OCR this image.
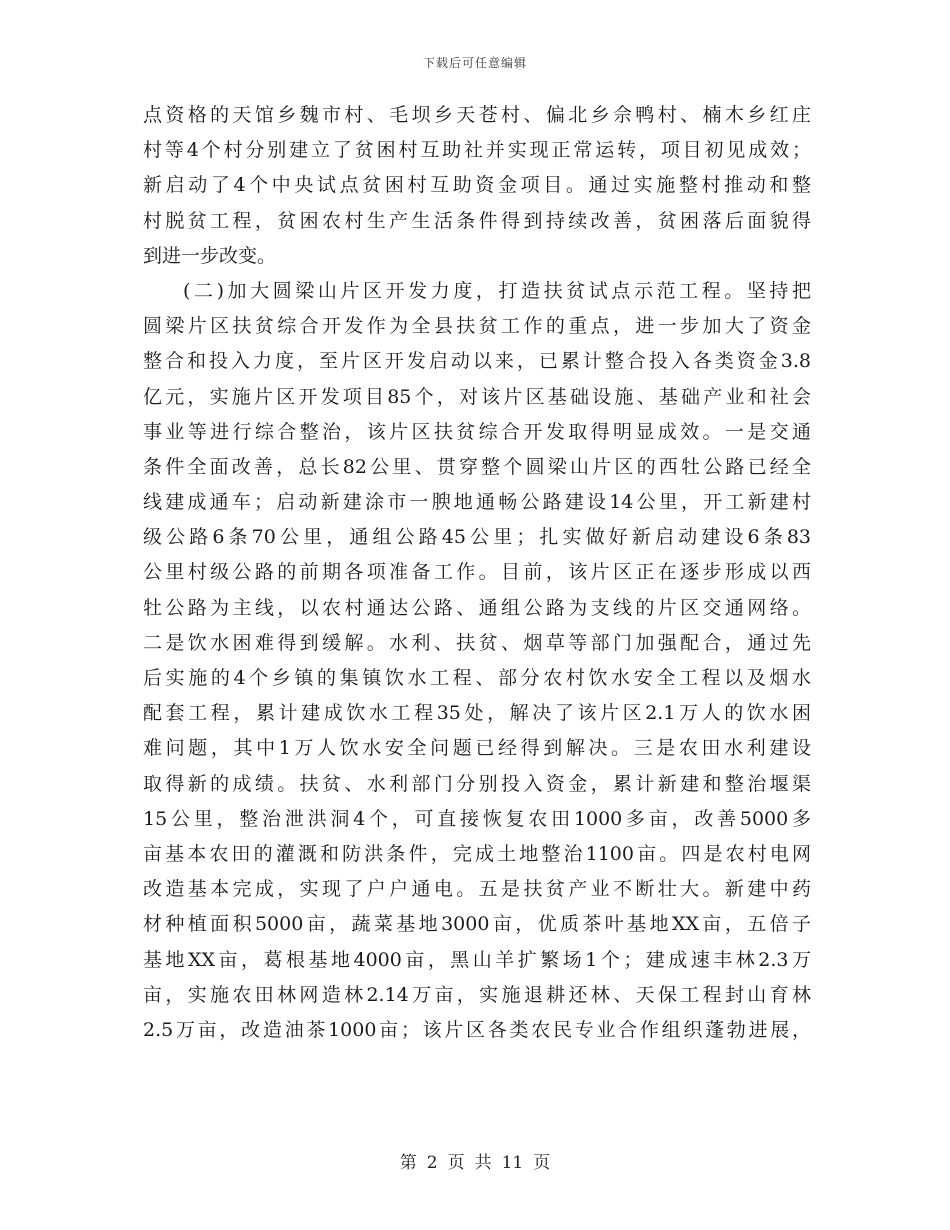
下载后可任意编辑
点资格的天馆乡魏市村、毛坝乡天苍村、偏北乡佘鸭村、楠木乡红庄
村等4个村分别建立了贫困村互助社并实现正常运转，项目初见成效；
新启动了4个中央试点贫困村互助资金项目。通过实施整村推动和整
村脱贫工程，贫困农村生产生活条件得到持续改善，贫困落后面貌得
到进一步改变。
(二)加大圆梁山片区开发力度，打造扶贫试点示范工程。坚持把
圆梁片区扶贫综合开发作为全县扶贫工作的重点，进一步加大了资金
整合和投入力度，至片区开发启动以来，已累计整合投入各类资金3.8
亿元，实施片区开发项目85个，对该片区基础设施、基础产业和社会
事业等进行综合整治，该片区扶贫综合开发取得明显成效。一是交通
条件全面改善，总长82公里、贯穿整个圆梁山片区的西牡公路已经全
线建成通车；启动新建涂市一腴地通畅公路建设14公里，开工新建村
级公路6条70公里，通组公路45公里；扎实做好新启动建设6条83
公里村级公路的前期各项准备工作。目前，该片区正在逐步形成以西
牡公路为主线，以农村通达公路、通组公路为支线的片区交通网络。
二是饮水困难得到缓解。水利、扶贫、烟草等部门加强配合，通过先
后实施的4个乡镇的集镇饮水工程、部分农村饮水安全工程以及烟水
配套工程，累计建成饮水工程35处，解决了该片区2.1万人的饮水困
难问题，其中1万人饮水安全问题已经得到解决。三是农田水利建设
取得新的成绩。扶贫、水利部门分别投入资金，累计新建和整治堰渠
15公里，整治泄洪洞4个，可直接恢复农田1000多亩，改善5000多
亩基本农田的灌溉和防洪条件，完成土地整治1100亩。四是农村电网
改造基本完成，实现了户户通电。五是扶贫产业不断壮大。新建中药
材种植面积5000亩，蔬菜基地3000亩，优质茶叶基地XX亩，五倍子
基地XX亩，葛根基地4000亩，黑山羊扩繁场1个；建成速丰林2.3万
亩，实施农田林网造林2.14万亩，实施退耕还林、天保工程封山育林
2.5万亩，改造油茶1000亩；该片区各类农民专业合作组织蓬勃进展，
第 2 页 共 11 页
